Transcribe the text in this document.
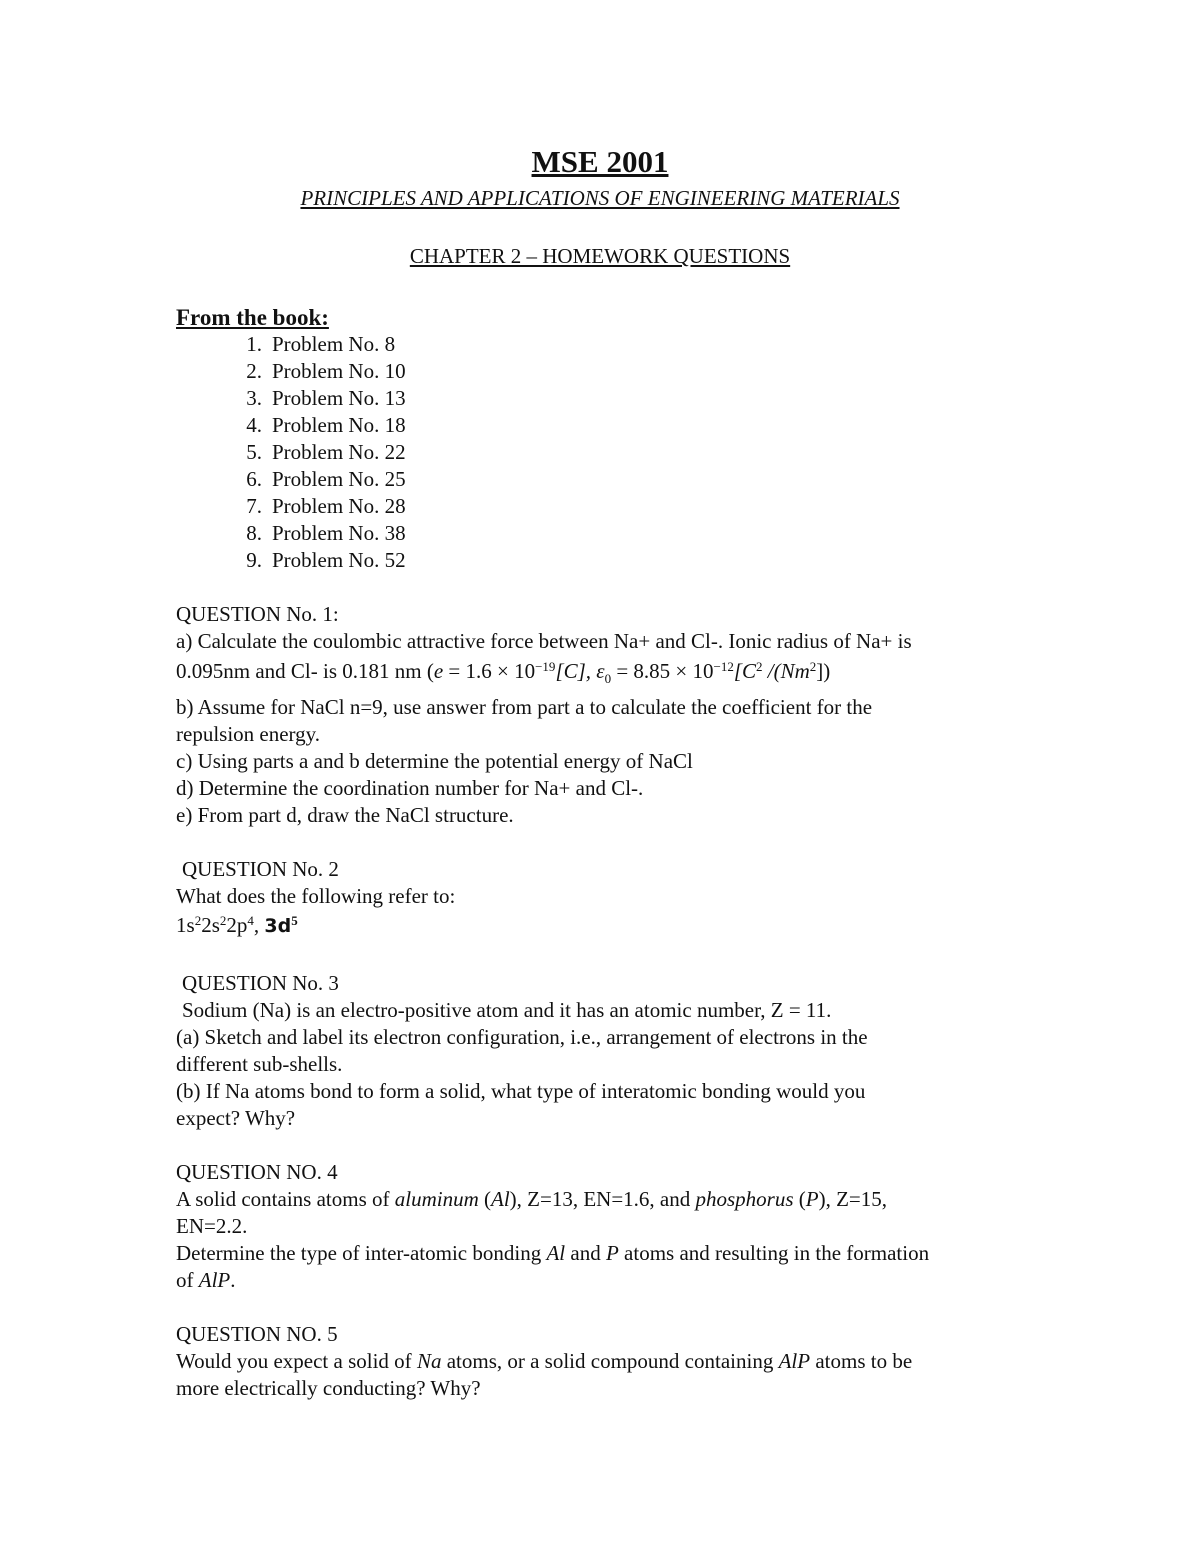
MSE 2001
PRINCIPLES AND APPLICATIONS OF ENGINEERING MATERIALS
CHAPTER 2 – HOMEWORK QUESTIONS
From the book:
1. Problem No. 8
2. Problem No. 10
3. Problem No. 13
4. Problem No. 18
5. Problem No. 22
6. Problem No. 25
7. Problem No. 28
8. Problem No. 38
9. Problem No. 52
QUESTION No. 1:
a) Calculate the coulombic attractive force between Na+ and Cl-. Ionic radius of Na+ is
0.095nm and Cl- is 0.181 nm ($e = 1.6 \times 10^{-19}[C]$, $\varepsilon_0 = 8.85 \times 10^{-12}[C^2$ /(Nm$^2$])
b) Assume for NaCl n=9, use answer from part a to calculate the coefficient for the
repulsion energy.
c) Using parts a and b determine the potential energy of NaCl
d) Determine the coordination number for Na+ and Cl-.
e) From part d, draw the NaCl structure.
QUESTION No. 2
What does the following refer to:
$1s^22s^22p^4$, $3d^5$
QUESTION No. 3
Sodium (Na) is an electro-positive atom and it has an atomic number, Z = 11.
(a) Sketch and label its electron configuration, i.e., arrangement of electrons in the
different sub-shells.
(b) If Na atoms bond to form a solid, what type of interatomic bonding would you
expect? Why?
QUESTION NO. 4
A solid contains atoms of aluminum (Al), Z=13, EN=1.6, and phosphorus (P), Z=15,
EN=2.2.
Determine the type of inter-atomic bonding Al and P atoms and resulting in the formation
of AlP.
QUESTION NO. 5
Would you expect a solid of Na atoms, or a solid compound containing AlP atoms to be
more electrically conducting? Why?
